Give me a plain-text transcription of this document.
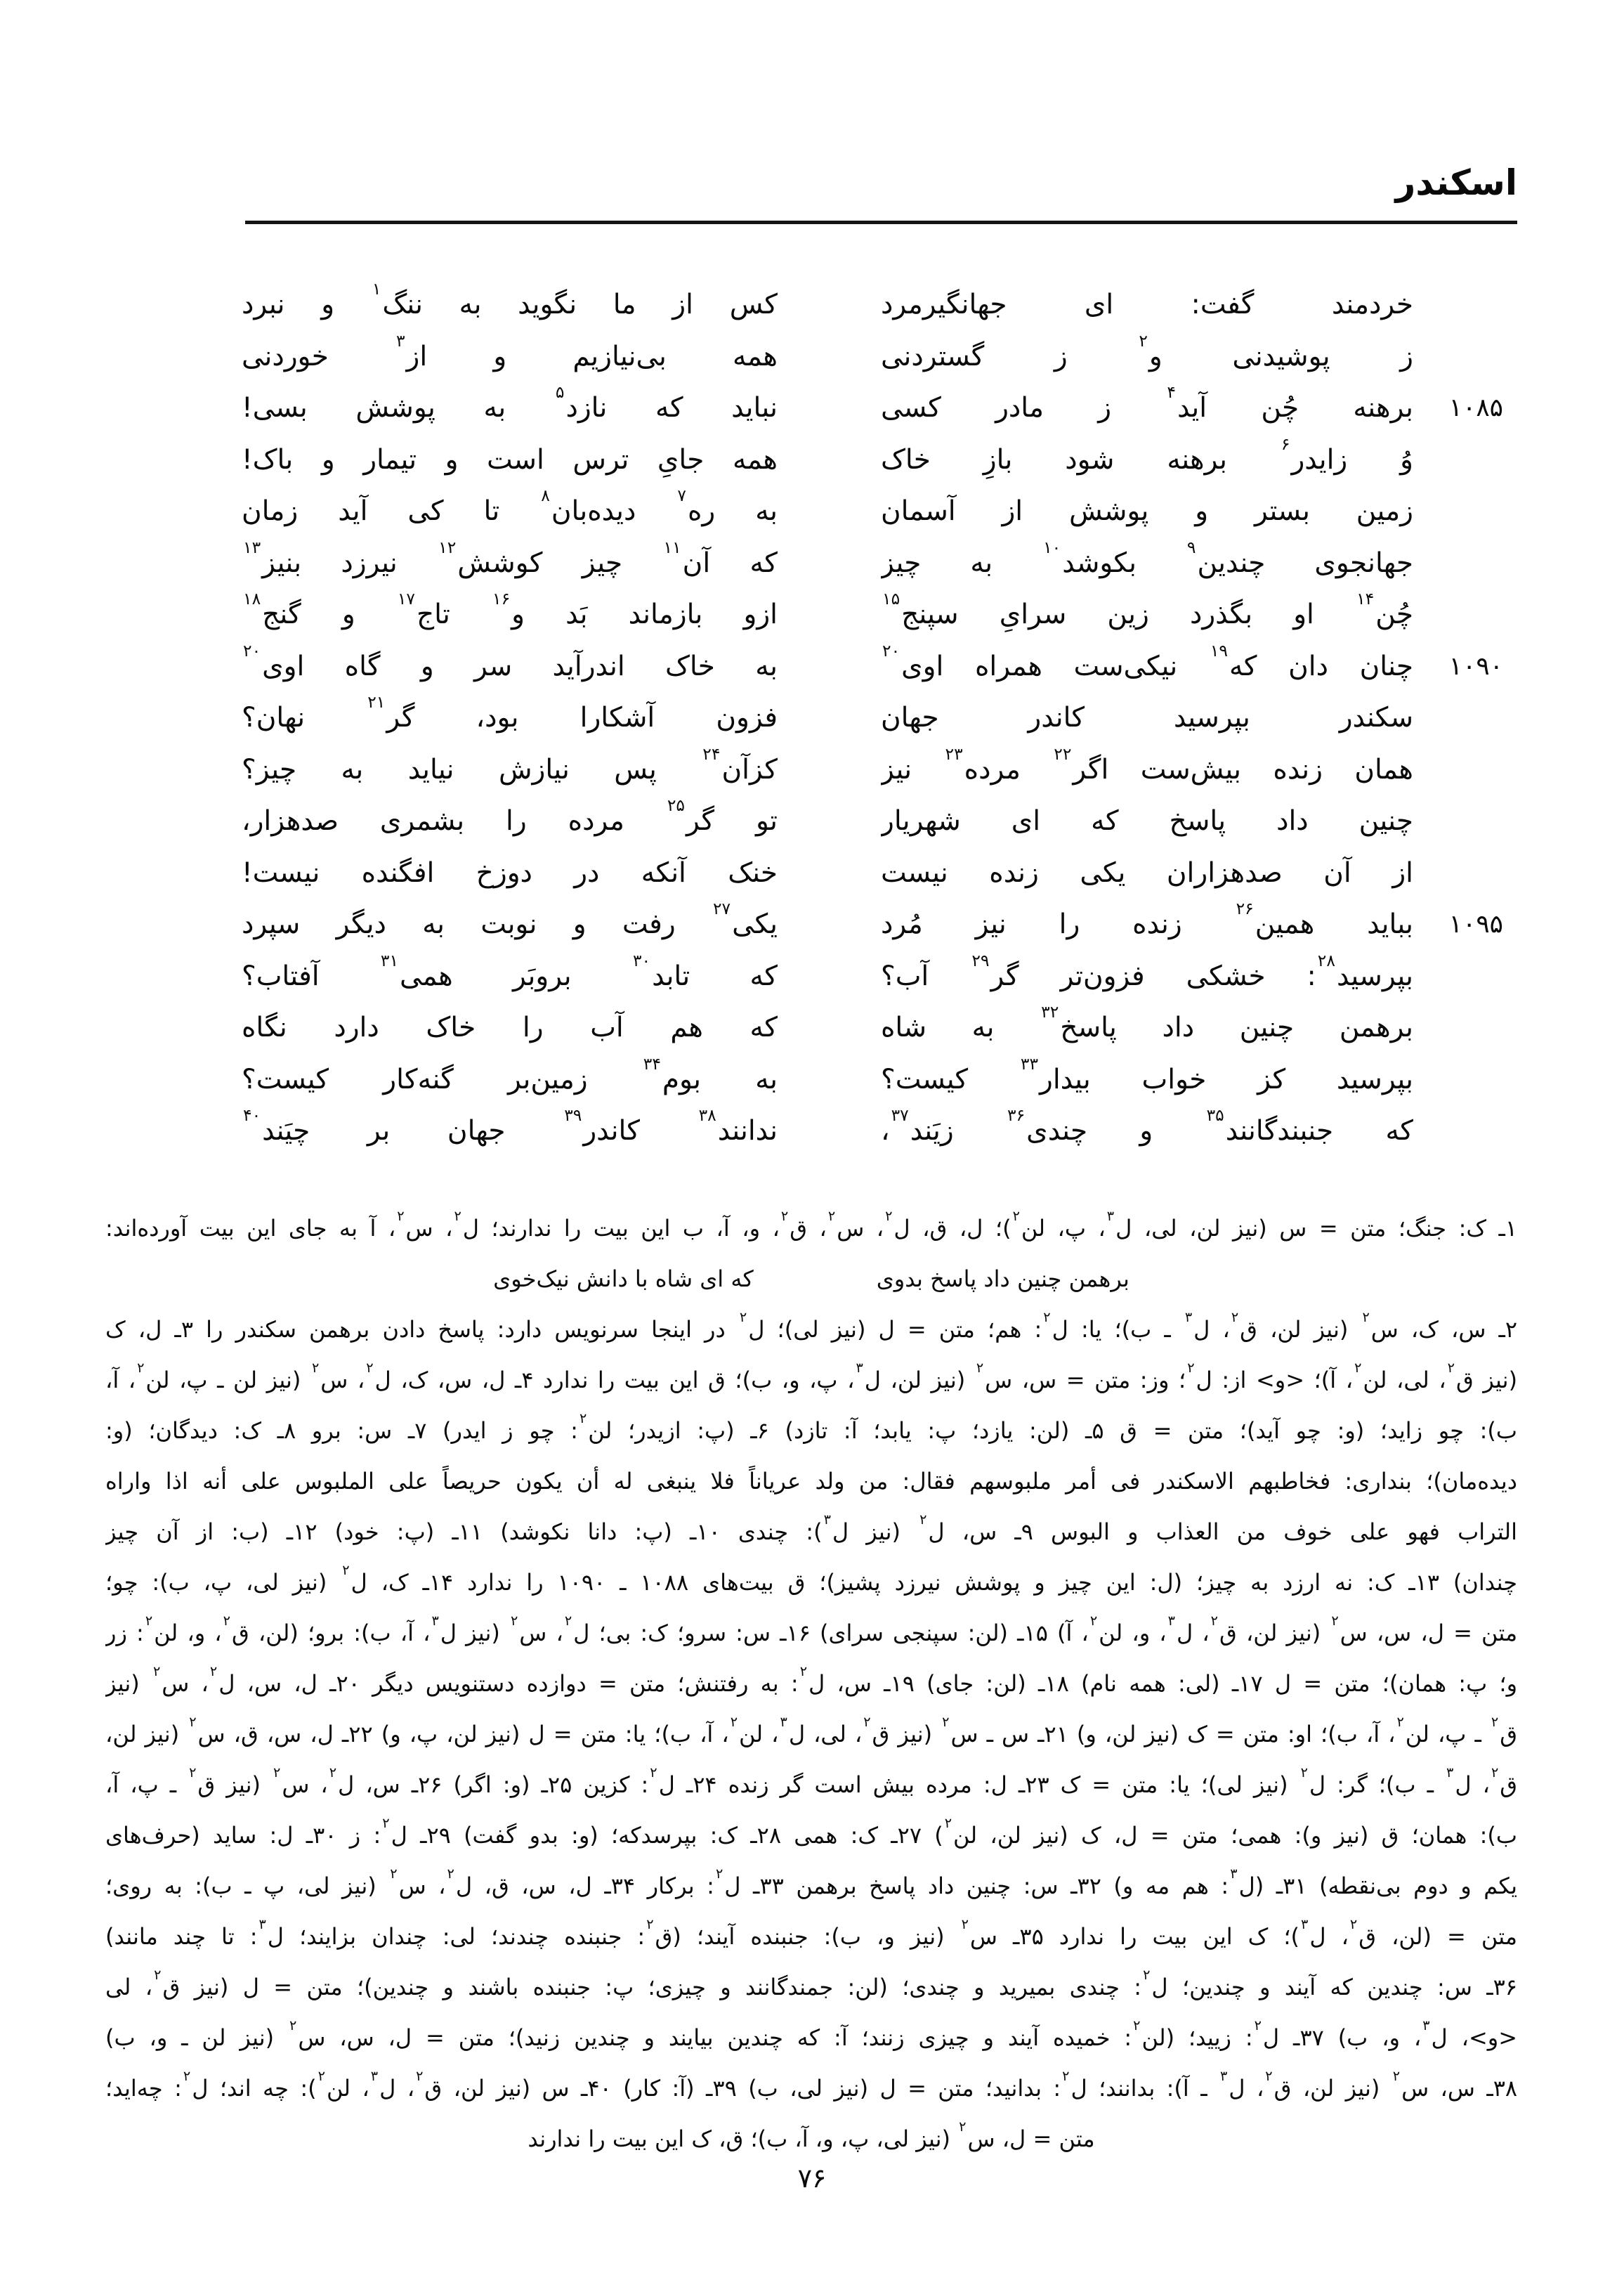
اسکندر
خردمند گفت: ای جهانگیرمرد
کس از ما نگوید به ننگ$^۱$ و نبرد
ز پوشیدنی و$^۲$ ز گستردنی
همه بی‌نیازیم و از$^۳$ خوردنی
۱۰۸۵
برهنه چُن آید$^۴$ ز مادر کسی
نباید که نازد$^۵$ به پوشش بسی!
وُ زایدر$^۶$ برهنه شود بازِ خاک
همه جایِ ترس است و تیمار و باک!
زمین بستر و پوشش از آسمان
به ره$^۷$ دیده‌بان$^۸$ تا کی آید زمان
جهانجوی چندین$^۹$ بکوشد$^{۱۰}$ به چیز
که آن$^{۱۱}$ چیز کوشش$^{۱۲}$ نیرزد بنیز$^{۱۳}$
چُن$^{۱۴}$ او بگذرد زین سرایِ سپنج$^{۱۵}$
ازو بازماند بَد و$^{۱۶}$ تاج$^{۱۷}$ و گنج$^{۱۸}$
۱۰۹۰
چنان دان که$^{۱۹}$ نیکی‌ست همراه اوی$^{۲۰}$
به خاک اندرآید سر و گاه اوی$^{۲۰}$
سکندر بپرسید کاندر جهان
فزون آشکارا بود، گر$^{۲۱}$ نهان؟
همان زنده بیش‌ست اگر$^{۲۲}$ مرده$^{۲۳}$ نیز
کزآن$^{۲۴}$ پس نیازش نیاید به چیز؟
چنین داد پاسخ که ای شهریار
تو گر$^{۲۵}$ مرده را بشمری صدهزار،
از آن صدهزاران یکی زنده نیست
خنک آنکه در دوزخ افگنده نیست!
۱۰۹۵
بباید همین$^{۲۶}$ زنده را نیز مُرد
یکی$^{۲۷}$ رفت و نوبت به دیگر سپرد
بپرسید$^{۲۸}$: خشکی فزون‌تر گر$^{۲۹}$ آب؟
که تابد$^{۳۰}$ بروبَر همی$^{۳۱}$ آفتاب؟
برهمن چنین داد پاسخ$^{۳۲}$ به شاه
که هم آب را خاک دارد نگاه
بپرسید کز خواب بیدار$^{۳۳}$ کیست؟
به بوم$^{۳۴}$ زمین‌بر گنه‌کار کیست؟
که جنبندگانند$^{۳۵}$ و چندی$^{۳۶}$ زیَند$^{۳۷}$،
ندانند$^{۳۸}$ کاندر$^{۳۹}$ جهان بر چیَند$^{۴۰}$
۱ـ ک: جنگ؛ متن = س (نیز لن، لی، ل$^۳$، پ، لن$^۲$)؛ ل، ق، ل$^۲$، س$^۲$، ق$^۲$، و، آ، ب این بیت را ندارند؛ ل$^۲$، س$^۲$، آ به جای این بیت آورده‌اند:
برهمن چنین داد پاسخ بدوی
که ای شاه با دانش نیک‌خوی
۲ـ س، ک، س$^۲$ (نیز لن، ق$^۲$، ل$^۳$ ـ ب)؛ یا: ل$^۲$: هم؛ متن = ل (نیز لی)؛ ل$^۲$ در اینجا سرنویس دارد: پاسخ دادن برهمن سکندر را ۳ـ ل، ک
(نیز ق$^۲$، لی، لن$^۲$، آ)؛ <و> از: ل$^۲$؛ وز: متن = س، س$^۲$ (نیز لن، ل$^۳$، پ، و، ب)؛ ق این بیت را ندارد ۴ـ ل، س، ک، ل$^۲$، س$^۲$ (نیز لن ـ پ، لن$^۲$، آ،
ب): چو زاید؛ (و: چو آید)؛ متن = ق ۵ـ (لن: یازد؛ پ: یابد؛ آ: تازد) ۶ـ (پ: ازیدر؛ لن$^۲$: چو ز ایدر) ۷ـ س: برو ۸ـ ک: دیدگان؛ (و:
دیده‌مان)؛ بنداری: فخاطبهم الاسکندر فی أمر ملبوسهم فقال: من ولد عریاناً فلا ینبغی له أن یکون حریصاً علی الملبوس علی أنه اذا واراه
التراب فهو علی خوف من العذاب و البوس ۹ـ س، ل$^۲$ (نیز ل$^۳$): چندی ۱۰ـ (پ: دانا نکوشد) ۱۱ـ (پ: خود) ۱۲ـ (ب: از آن چیز
چندان) ۱۳ـ ک: نه ارزد به چیز؛ (ل: این چیز و پوشش نیرزد پشیز)؛ ق بیت‌های ۱۰۸۸ ـ ۱۰۹۰ را ندارد ۱۴ـ ک، ل$^۲$ (نیز لی، پ، ب): چو؛
متن = ل، س، س$^۲$ (نیز لن، ق$^۲$، ل$^۳$، و، لن$^۲$، آ) ۱۵ـ (لن: سپنجی سرای) ۱۶ـ س: سرو؛ ک: بی؛ ل$^۲$، س$^۲$ (نیز ل$^۳$، آ، ب): برو؛ (لن، ق$^۲$، و، لن$^۲$: زر
و؛ پ: همان)؛ متن = ل ۱۷ـ (لی: همه نام) ۱۸ـ (لن: جای) ۱۹ـ س، ل$^۲$: به رفتنش؛ متن = دوازده دستنویس دیگر ۲۰ـ ل، س، ل$^۲$، س$^۲$ (نیز
ق$^۲$ ـ پ، لن$^۲$، آ، ب)؛ او: متن = ک (نیز لن، و) ۲۱ـ س ـ س$^۲$ (نیز ق$^۲$، لی، ل$^۳$، لن$^۲$، آ، ب)؛ یا: متن = ل (نیز لن، پ، و) ۲۲ـ ل، س، ق، س$^۲$ (نیز لن،
ق$^۲$، ل$^۳$ ـ ب)؛ گر: ل$^۲$ (نیز لی)؛ یا: متن = ک ۲۳ـ ل: مرده بیش است گر زنده ۲۴ـ ل$^۲$: کزین ۲۵ـ (و: اگر) ۲۶ـ س، ل$^۲$، س$^۲$ (نیز ق$^۲$ ـ پ، آ،
ب): همان؛ ق (نیز و): همی؛ متن = ل، ک (نیز لن، لن$^۲$) ۲۷ـ ک: همی ۲۸ـ ک: بپرسدکه؛ (و: بدو گفت) ۲۹ـ ل$^۲$: ز ۳۰ـ ل: ساید (حرف‌های
یکم و دوم بی‌نقطه) ۳۱ـ (ل$^۳$: هم مه و) ۳۲ـ س: چنین داد پاسخ برهمن ۳۳ـ ل$^۲$: برکار ۳۴ـ ل، س، ق، ل$^۲$، س$^۲$ (نیز لی، پ ـ ب): به روی؛
متن = (لن، ق$^۲$، ل$^۳$)؛ ک این بیت را ندارد ۳۵ـ س$^۲$ (نیز و، ب): جنبنده آیند؛ (ق$^۲$: جنبنده چندند؛ لی: چندان بزایند؛ ل$^۳$: تا چند مانند)
۳۶ـ س: چندین که آیند و چندین؛ ل$^۲$: چندی بمیرید و چندی؛ (لن: جمندگانند و چیزی؛ پ: جنبنده باشند و چندین)؛ متن = ل (نیز ق$^۲$، لی
<و>، ل$^۳$، و، ب) ۳۷ـ ل$^۲$: زیید؛ (لن$^۲$: خمیده آیند و چیزی زنند؛ آ: که چندین بیایند و چندین زنید)؛ متن = ل، س، س$^۲$ (نیز لن ـ و، ب)
۳۸ـ س، س$^۲$ (نیز لن، ق$^۲$، ل$^۳$ ـ آ): بدانند؛ ل$^۲$: بدانید؛ متن = ل (نیز لی، ب) ۳۹ـ (آ: کار) ۴۰ـ س (نیز لن، ق$^۲$، ل$^۳$، لن$^۲$): چه اند؛ ل$^۲$: چه‌اید؛
متن = ل، س$^۲$ (نیز لی، پ، و، آ، ب)؛ ق، ک این بیت را ندارند
۷۶
